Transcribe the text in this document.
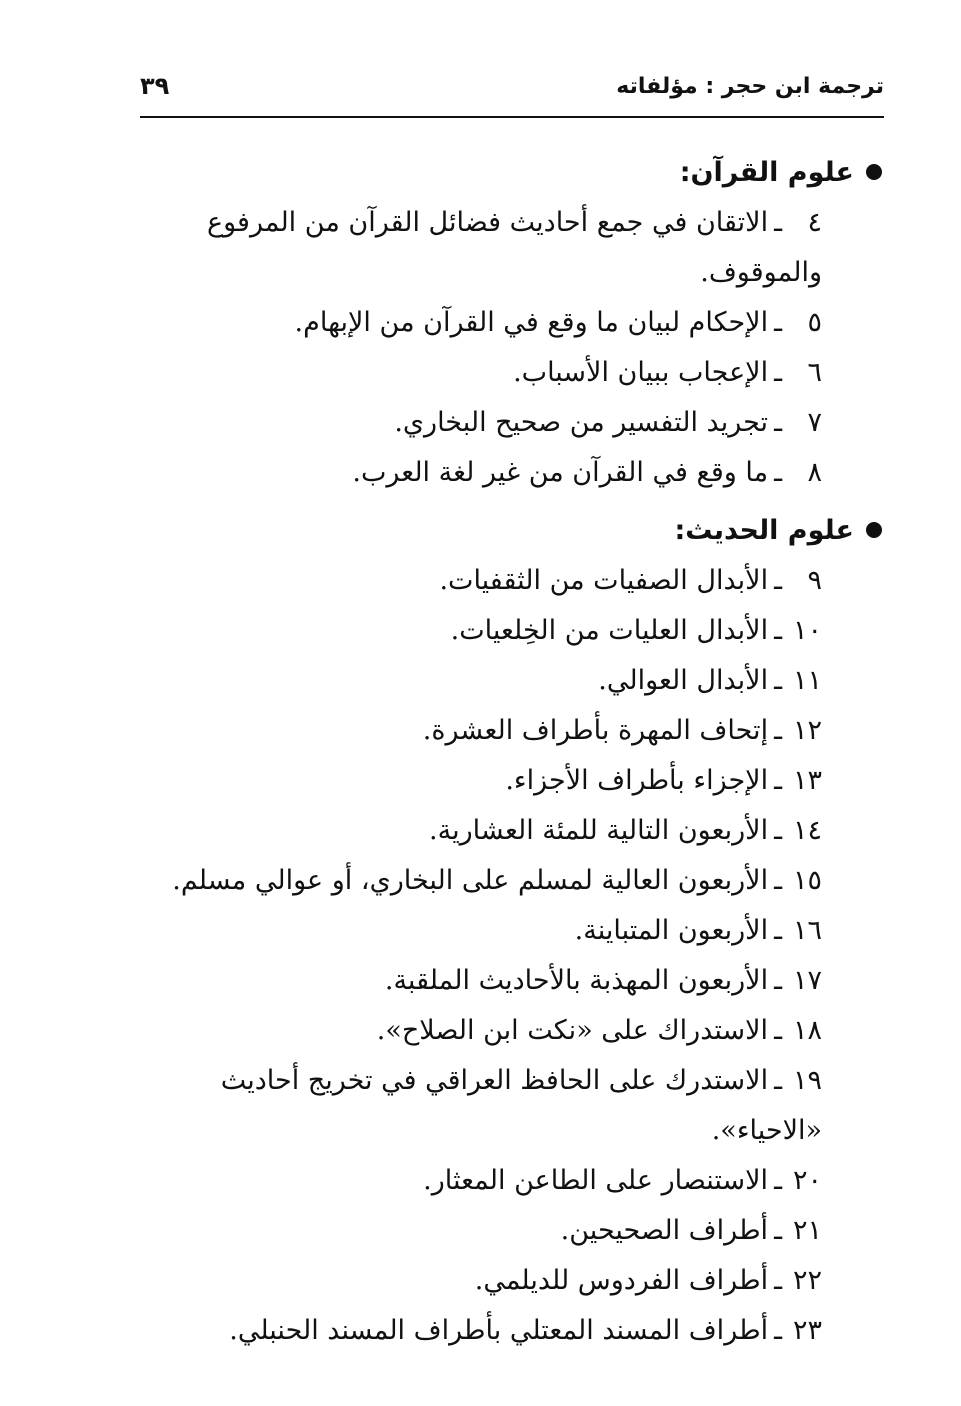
ترجمة ابن حجر : مؤلفاته
٣٩
علوم القرآن:
٤ـالاتقان في جمع أحاديث فضائل القرآن من المرفوع والموقوف.
٥ـالإحكام لبيان ما وقع في القرآن من الإبهام.
٦ـالإعجاب ببيان الأسباب.
٧ـتجريد التفسير من صحيح البخاري.
٨ـما وقع في القرآن من غير لغة العرب.
علوم الحديث:
٩ـالأبدال الصفيات من الثقفيات.
١٠ـالأبدال العليات من الخِلعيات.
١١ـالأبدال العوالي.
١٢ـإتحاف المهرة بأطراف العشرة.
١٣ـالإجزاء بأطراف الأجزاء.
١٤ـالأربعون التالية للمئة العشارية.
١٥ـالأربعون العالية لمسلم على البخاري، أو عوالي مسلم.
١٦ـالأربعون المتباينة.
١٧ـالأربعون المهذبة بالأحاديث الملقبة.
١٨ـالاستدراك على «نكت ابن الصلاح».
١٩ـالاستدرك على الحافظ العراقي في تخريج أحاديث «الاحياء».
٢٠ـالاستنصار على الطاعن المعثار.
٢١ـأطراف الصحيحين.
٢٢ـأطراف الفردوس للديلمي.
٢٣ـأطراف المسند المعتلي بأطراف المسند الحنبلي.
